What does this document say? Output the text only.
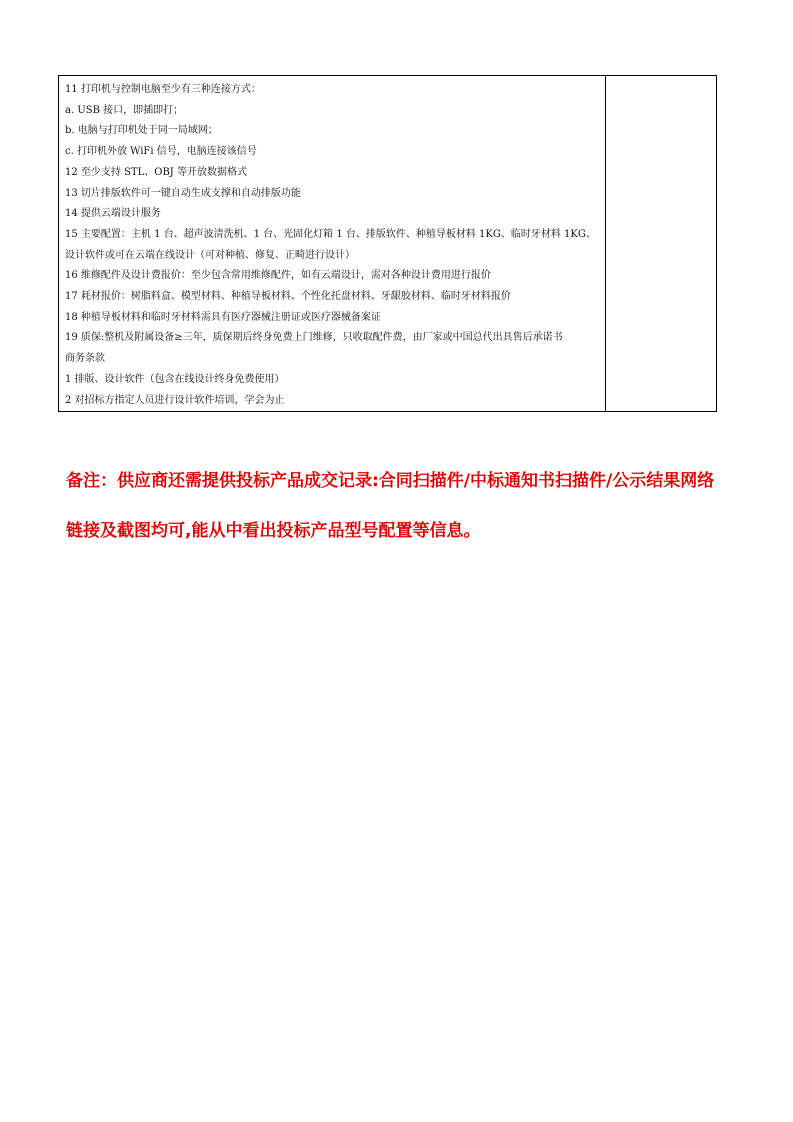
11 打印机与控制电脑至少有三种连接方式：
a. USB 接口，即插即打；
b. 电脑与打印机处于同一局域网；
c. 打印机外放 WiFi 信号，电脑连接该信号
12 至少支持 STL、OBJ 等开放数据格式
13 切片排版软件可一键自动生成支撑和自动排版功能
14 提供云端设计服务
15 主要配置：主机 1 台、超声波清洗机、1 台、光固化灯箱 1 台、排版软件、种植导板材料 1KG、临时牙材料 1KG、
设计软件或可在云端在线设计（可对种植、修复、正畸进行设计）
16 维修配件及设计费报价：至少包含常用维修配件，如有云端设计，需对各种设计费用进行报价
17 耗材报价：树脂料盒、模型材料、种植导板材料、个性化托盘材料、牙龈胶材料、临时牙材料报价
18 种植导板材料和临时牙材料需具有医疗器械注册证或医疗器械备案证
19 质保:整机及附属设备≥三年，质保期后终身免费上门维修，只收取配件费，由厂家或中国总代出具售后承诺书
商务条款
1 排版、设计软件（包含在线设计终身免费使用）
2 对招标方指定人员进行设计软件培训，学会为止

备注：供应商还需提供投标产品成交记录:合同扫描件/中标通知书扫描件/公示结果网络链接及截图均可,能从中看出投标产品型号配置等信息。
